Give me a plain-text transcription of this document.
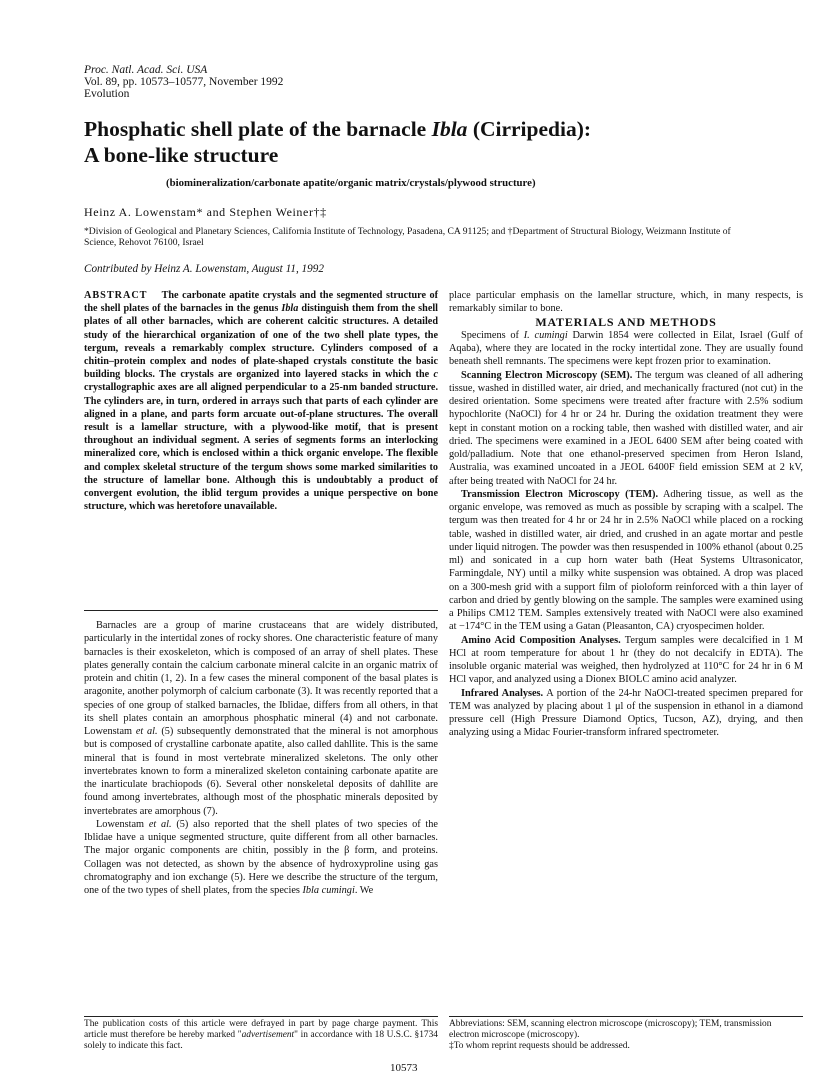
Proc. Natl. Acad. Sci. USA
Vol. 89, pp. 10573–10577, November 1992
Evolution
Phosphatic shell plate of the barnacle Ibla (Cirripedia):
A bone-like structure
(biomineralization/carbonate apatite/organic matrix/crystals/plywood structure)
Heinz A. Lowenstam* and Stephen Weiner†‡
*Division of Geological and Planetary Sciences, California Institute of Technology, Pasadena, CA 91125; and †Department of Structural Biology, Weizmann Institute of Science, Rehovot 76100, Israel
Contributed by Heinz A. Lowenstam, August 11, 1992
ABSTRACT The carbonate apatite crystals and the segmented structure of the shell plates of the barnacles in the genus Ibla distinguish them from the shell plates of all other barnacles, which are coherent calcitic structures. A detailed study of the hierarchical organization of one of the two shell plate types, the tergum, reveals a remarkably complex structure. Cylinders composed of a chitin–protein complex and nodes of plate-shaped crystals constitute the basic building blocks. The crystals are organized into layered stacks in which the c crystallographic axes are all aligned perpendicular to a 25-nm banded structure. The cylinders are, in turn, ordered in arrays such that parts of each cylinder are aligned in a plane, and parts form arcuate out-of-plane structures. The overall result is a lamellar structure, with a plywood-like motif, that is present throughout an individual segment. A series of segments forms an interlocking mineralized core, which is enclosed within a thick organic envelope. The flexible and complex skeletal structure of the tergum shows some marked similarities to the structure of lamellar bone. Although this is undoubtably a product of convergent evolution, the iblid tergum provides a unique perspective on bone structure, which was heretofore unavailable.

Barnacles are a group of marine crustaceans that are widely distributed, particularly in the intertidal zones of rocky shores. One characteristic feature of many barnacles is their exoskeleton, which is composed of an array of shell plates. These plates generally contain the calcium carbonate mineral calcite in an organic matrix of protein and chitin (1, 2). In a few cases the mineral component of the basal plates is aragonite, another polymorph of calcium carbonate (3). It was recently reported that a species of one group of stalked barnacles, the Iblidae, differs from all others, in that its shell plates contain an amorphous phosphatic mineral (4) and not carbonate. Lowenstam et al. (5) subsequently demonstrated that the mineral is not amorphous but is composed of crystalline carbonate apatite, also called dahllite. This is the same mineral that is found in most vertebrate mineralized skeletons. The only other invertebrates known to form a mineralized skeleton containing carbonate apatite are the inarticulate brachiopods (6). Several other nonskeletal deposits of dahllite are found among invertebrates, although most of the phosphatic minerals deposited by invertebrates are amorphous (7).

Lowenstam et al. (5) also reported that the shell plates of two species of the Iblidae have a unique segmented structure, quite different from all other barnacles. The major organic components are chitin, possibly in the β form, and proteins. Collagen was not detected, as shown by the absence of hydroxyproline using gas chromatography and ion exchange (5). Here we describe the structure of the tergum, one of the two types of shell plates, from the species Ibla cumingi. We

place particular emphasis on the lamellar structure, which, in many respects, is remarkably similar to bone.

MATERIALS AND METHODS

Specimens of I. cumingi Darwin 1854 were collected in Eilat, Israel (Gulf of Aqaba), where they are located in the rocky intertidal zone. They are usually found beneath shell remnants. The specimens were kept frozen prior to examination.

Scanning Electron Microscopy (SEM). The tergum was cleaned of all adhering tissue, washed in distilled water, air dried, and mechanically fractured (not cut) in the desired orientation. Some specimens were treated after fracture with 2.5% sodium hypochlorite (NaOCl) for 4 hr or 24 hr. During the oxidation treatment they were kept in constant motion on a rocking table, then washed with distilled water, and air dried. The specimens were examined in a JEOL 6400 SEM after being coated with gold/palladium. Note that one ethanol-preserved specimen from Heron Island, Australia, was examined uncoated in a JEOL 6400F field emission SEM at 2 kV, after being treated with NaOCl for 24 hr.

Transmission Electron Microscopy (TEM). Adhering tissue, as well as the organic envelope, was removed as much as possible by scraping with a scalpel. The tergum was then treated for 4 hr or 24 hr in 2.5% NaOCl while placed on a rocking table, washed in distilled water, air dried, and crushed in an agate mortar and pestle under liquid nitrogen. The powder was then resuspended in 100% ethanol (about 0.25 ml) and sonicated in a cup horn water bath (Heat Systems Ultrasonicator, Farmingdale, NY) until a milky white suspension was obtained. A drop was placed on a 300-mesh grid with a support film of pioloform reinforced with a thin layer of carbon and dried by gently blowing on the sample. The samples were examined using a Philips CM12 TEM. Samples extensively treated with NaOCl were also examined at −174°C in the TEM using a Gatan (Pleasanton, CA) cryospecimen holder.

Amino Acid Composition Analyses. Tergum samples were decalcified in 1 M HCl at room temperature for about 1 hr (they do not decalcify in EDTA). The insoluble organic material was weighed, then hydrolyzed at 110°C for 24 hr in 6 M HCl vapor, and analyzed using a Dionex BIOLC amino acid analyzer.

Infrared Analyses. A portion of the 24-hr NaOCl-treated specimen prepared for TEM was analyzed by placing about 1 μl of the suspension in ethanol in a diamond pressure cell (High Pressure Diamond Optics, Tucson, AZ), drying, and then analyzing using a Midac Fourier-transform infrared spectrometer.

The publication costs of this article were defrayed in part by page charge payment. This article must therefore be hereby marked "advertisement" in accordance with 18 U.S.C. §1734 solely to indicate this fact.
Abbreviations: SEM, scanning electron microscope (microscopy); TEM, transmission electron microscope (microscopy).
‡To whom reprint requests should be addressed.
10573
